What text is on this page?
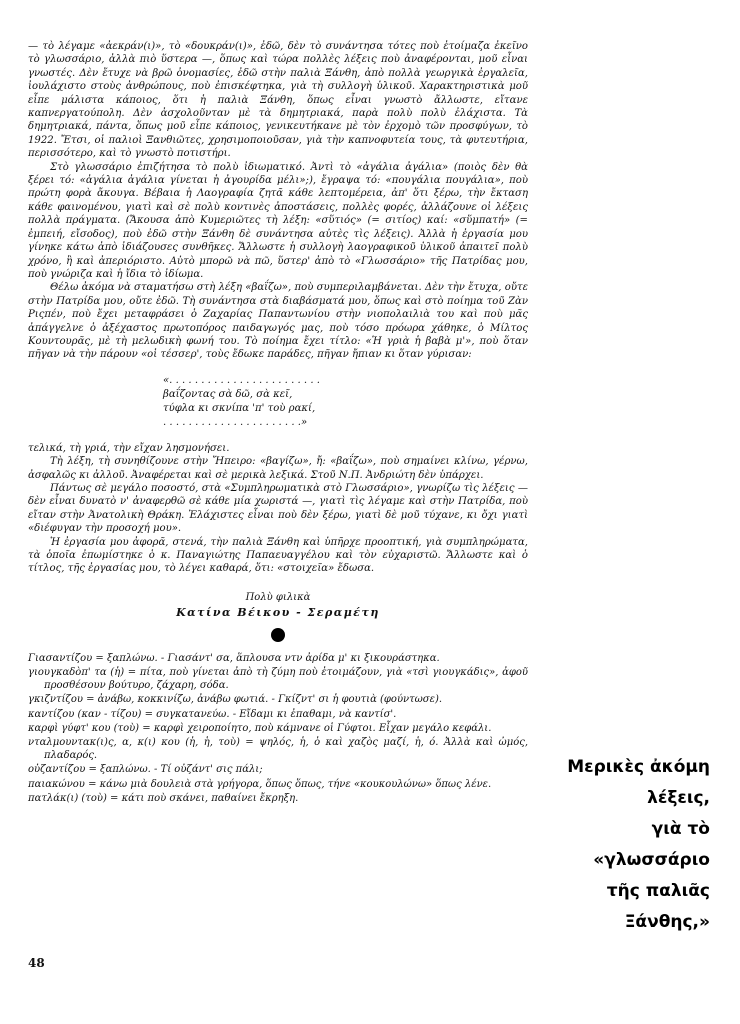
— τὸ λέγαμε «ἀεκράν(ι)», τὸ «δουκράν(ι)», ἐδῶ, δὲν τὸ συνάντησα τότες ποὺ ἑτοίμαζα ἐκεῖνο τὸ γλωσσάριο, ἀλλὰ πιὸ ὕστερα —, ὅπως καὶ τώρα πολλὲς λέξεις ποὺ ἀναφέρονται, μοῦ εἶναι γνωστές. Δὲν ἔτυχε νὰ βρῶ ὀνομασίες, ἐδῶ στὴν παλιὰ Ξάνθη, ἀπὸ πολλὰ γεωργικὰ ἐργαλεῖα, ἰουλάχιστο στοὺς ἀνθρώπους, ποὺ ἐπισκέφτηκα, γιὰ τὴ συλλογὴ ὑλικοῦ. Χαρακτηριστικὰ μοῦ εἶπε μάλιστα κάποιος, ὅτι ἡ παλιὰ Ξάνθη, ὅπως εἶναι γνωστὸ ἄλλωστε, εἴτανε καπνεργατούπολη. Δὲν ἀσχολοῦνταν μὲ τὰ δημητριακά, παρὰ πολὺ πολὺ ἐλάχιστα. Τὰ δημητριακά, πάντα, ὅπως μοῦ εἶπε κάποιος, γενικευτήκανε μὲ τὸν ἐρχομὸ τῶν προσφύγων, τὸ 1922. Ἔτσι, οἱ παλιοὶ Ξανθιῶτες, χρησιμοποιοῦσαν, γιὰ τὴν καπνοφυτεία τους, τὰ φυτευτήρια, περισσότερο, καὶ τὸ γνωστὸ ποτιστήρι.

Στὸ γλωσσάριο ἐπιζήτησα τὸ πολὺ ἰδιωματικό. Ἀντὶ τὸ «ἀγάλια ἀγάλια» (ποιὸς δὲν θὰ ξέρει τό: «ἀγάλια ἀγάλια γίνεται ἡ ἀγουρίδα μέλι»;), ἔγραψα τό: «πουγάλια πουγάλια», ποὺ πρώτη φορὰ ἄκουγα. Βέβαια ἡ Λαογραφία ζητᾶ κάθε λεπτομέρεια, ἀπ' ὅτι ξέρω, τὴν ἔκταση κάθε φαινομένου, γιατὶ καὶ σὲ πολὺ κοντινὲς ἀποστάσεις, πολλὲς φορές, ἀλλάζουνε οἱ λέξεις πολλὰ πράγματα. (Ἄκουσα ἀπὸ Κυμεριῶτες τὴ λέξη: «σὕτιός» (= σιτίος) καί: «σὕμπατή» (= ἐμπειή, εἴσοδος), ποὺ ἐδῶ στὴν Ξάνθη δὲ συνάντησα αὐτὲς τὶς λέξεις). Ἀλλὰ ἡ ἐργασία μου γίνηκε κάτω ἀπὸ ἰδιάζουσες συνθῆκες. Ἄλλωστε ἡ συλλογὴ λαογραφικοῦ ὑλικοῦ ἀπαιτεῖ πολὺ χρόνο, ἢ καὶ ἀπεριόριστο. Αὐτὸ μπορῶ νὰ πῶ, ὕστερ' ἀπὸ τὸ «Γλωσσάριο» τῆς Πατρίδας μου, ποὺ γνώριζα καὶ ἡ ἴδια τὸ ἰδίωμα.

Θέλω ἀκόμα νὰ σταματήσω στὴ λέξη «βαΐζω», ποὺ συμπεριλαμβάνεται. Δὲν τὴν ἔτυχα, οὔτε στὴν Πατρίδα μου, οὔτε ἐδῶ. Τὴ συνάντησα στὰ διαβάσματά μου, ὅπως καὶ στὸ ποίημα τοῦ Ζὰν Ριςπέν, ποὺ ἔχει μεταφράσει ὁ Ζαχαρίας Παπαντωνίου στὴν νιοπολαιλιὰ του καὶ ποὺ μᾶς ἀπάγγελνε ὁ ἀξέχαστος πρωτοπόρος παιδαγωγός μας, ποὺ τόσο πρόωρα χάθηκε, ὁ Μίλτος Κουντουρᾶς, μὲ τὴ μελωδικὴ φωνή του. Τὸ ποίημα ἔχει τίτλο: «Ἡ γριὰ ἡ βαβὰ μ'», ποὺ ὅταν πῆγαν νὰ τὴν πάρουν «οἱ τέσσερ', τοὺς ἔδωκε παράδες, πῆγαν ἤπιαν κι ὅταν γύρισαν:

«. . . . . . . . . . . . . . . . . . . . . . . .
βαΐζοντας σὰ δῶ, σὰ κεῖ,
τύφλα κι σκνίπα 'π' τοὺ ρακί,
. . . . . . . . . . . . . . . . . . . . . .»

τελικά, τὴ γριά, τὴν εἴχαν λησμονήσει.

Τὴ λέξη, τὴ συνηθίζουνε στὴν Ἤπειρο: «βαγίζω», ἤ: «βαΐζω», ποὺ σημαίνει κλίνω, γέρνω, ἀσφαλῶς κι ἀλλοῦ. Ἀναφέρεται καὶ σὲ μερικὰ λεξικά. Στοῦ Ν.Π. Ἀνδριώτη δὲν ὑπάρχει.

Πάντως σὲ μεγάλο ποσοστό, στὰ «Συμπληρωματικὰ στὸ Γλωσσάριο», γνωρίζω τὶς λέξεις — δὲν εἶναι δυνατὸ ν' ἀναφερθῶ σὲ κάθε μία χωριστά —, γιατὶ τὶς λέγαμε καὶ στὴν Πατρίδα, ποὺ εἴταν στὴν Ἀνατολικὴ Θράκη. Ἐλάχιστες εἶναι ποὺ δὲν ξέρω, γιατὶ δὲ μοῦ τύχανε, κι ὄχι γιατὶ «διέφυγαν τὴν προσοχή μου».

Ἡ ἐργασία μου ἀφορᾶ, στενά, τὴν παλιὰ Ξάνθη καὶ ὑπῆρχε προοπτική, γιὰ συμπληρώματα, τὰ ὁποῖα ἐπωμίστηκε ὁ κ. Παναγιώτης Παπαευαγγέλου καὶ τὸν εὐχαριστῶ. Ἄλλωστε καὶ ὁ τίτλος, τῆς ἐργασίας μου, τὸ λέγει καθαρά, ὅτι: «στοιχεῖα» ἔδωσα.

Πολὺ φιλικὰ
Κατίνα Βέικου - Σεραμέτη

Γιασαντίζου = ξαπλώνω. - Γιασάντ' σα, ἅπλουσα ντν ἀρίδα μ' κι ξικουράστηκα.

γιουγκαδὸπ' τα (ἡ) = πίτα, ποὺ γίνεται ἀπὸ τὴ ζύμη ποὺ ἑτοιμάζουν, γιὰ «τσὶ γιουγκάδις», ἀφοῦ προσθέσουν βούτυρο, ζάχαρη, σόδα.

γκιζντίζου = ἀνάβω, κοκκινίζω, ἀνάβω φωτιά. - Γκίζντ' σι ἡ φουτιὰ (φούντωσε).

καντίζου (καν - τίζου) = συγκατανεύω. - Εἴδαμι κι ἐπαθαμι, νὰ καντίσ'.

καρφὶ γύφτ' κου (τοὺ) = καρφὶ χειροποίητο, ποὺ κάμνανε οἱ Γύφτοι. Εἶχαν μεγάλο κεφάλι.

νταλμουντακ(ι)ς, α, κ(ι) κου (ἡ, ἡ, τοὺ) = ψηλός, ἡ, ὁ καὶ χαζὸς μαζί, ἡ, ό. Ἀλλὰ καὶ ὠμός, πλαδαρός.

οὐζαντίζου = ξαπλώνω. - Τί οὐζάντ' σις πάλι;

παιακώνου = κάνω μιὰ δουλειὰ στὰ γρήγορα, ὅπως ὅπως, τήνε «κουκουλώνω» ὅπως λένε.

πατλάκ(ι) (τοὺ) = κάτι ποὺ σκάνει, παθαίνει ἔκρηξη.

48
Μερικὲς ἀκόμη
λέξεις,
γιὰ τὸ
«γλωσσάριο
τῆς παλιᾶς
Ξάνθης,»
